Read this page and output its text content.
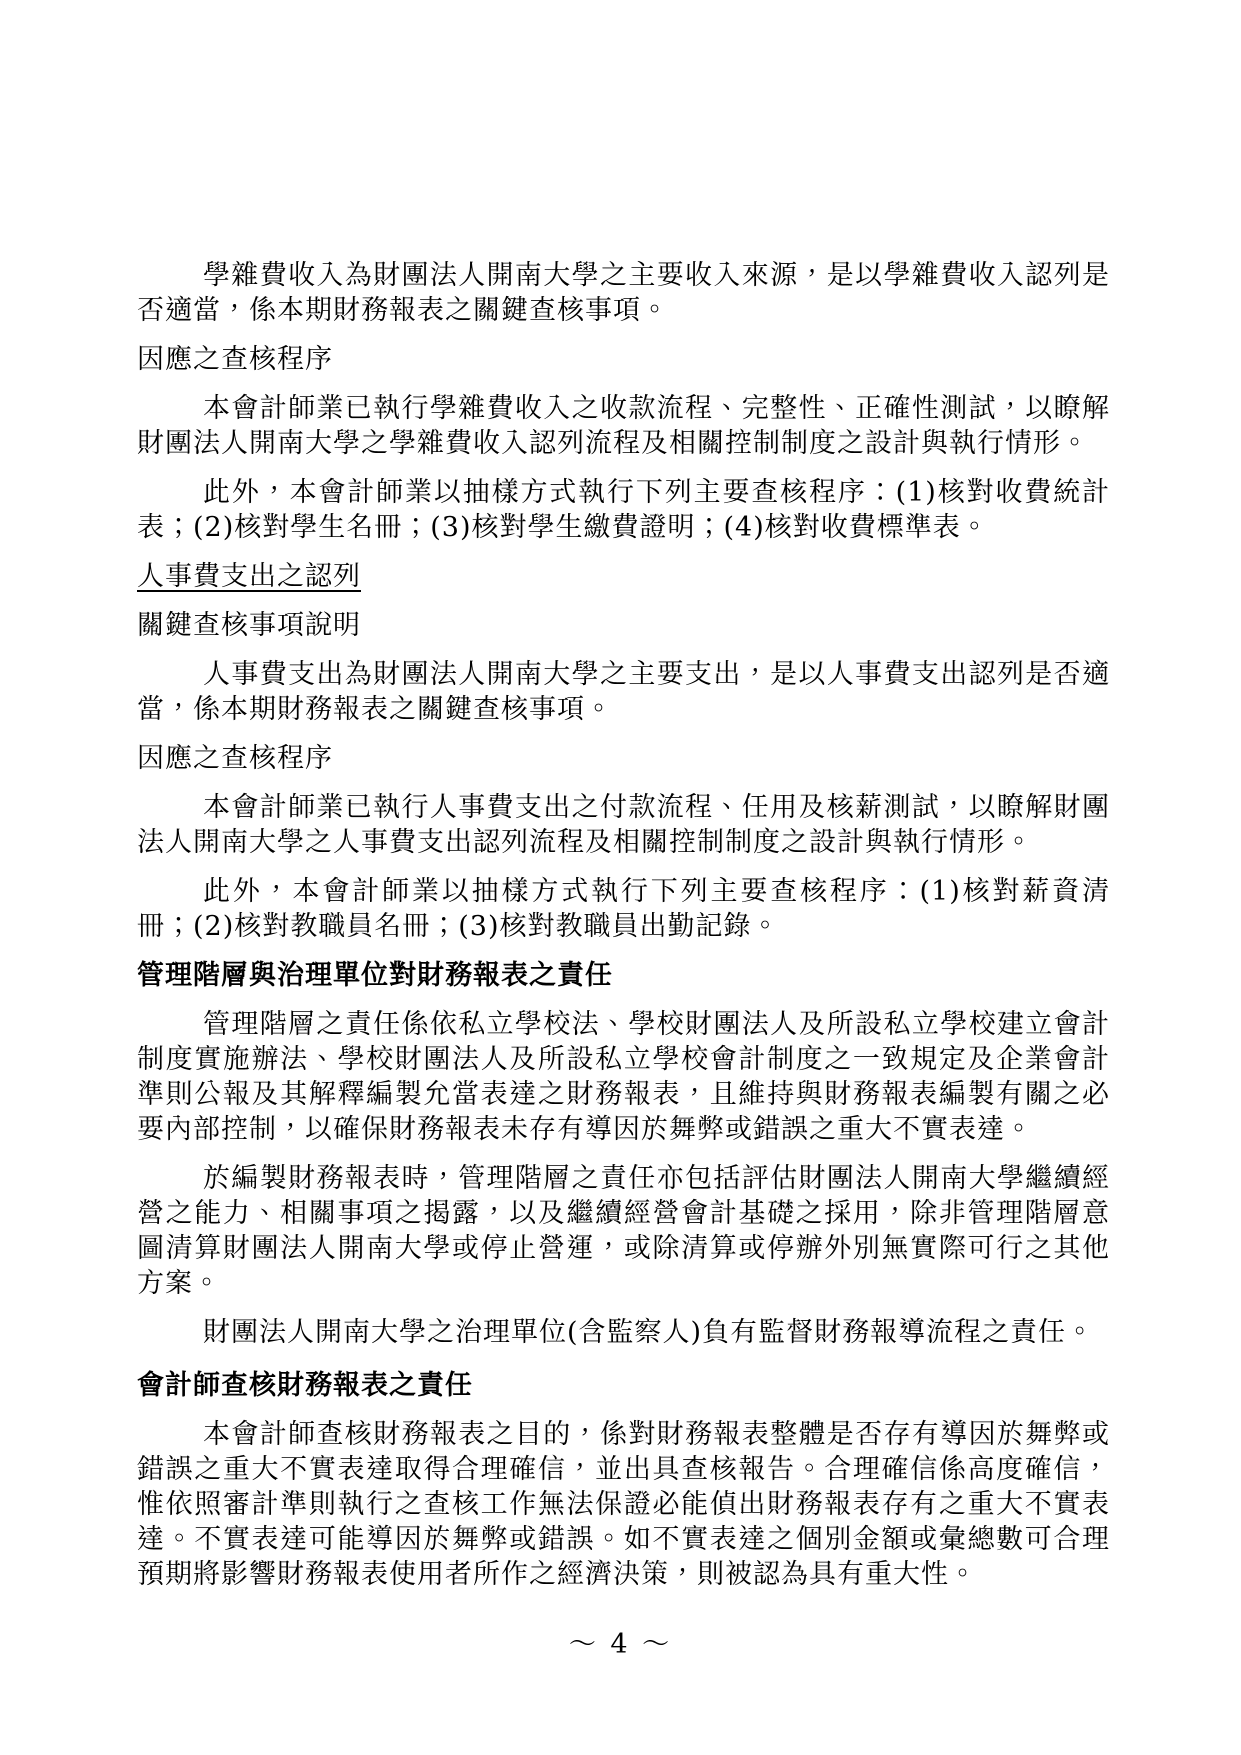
學雜費收入為財團法人開南大學之主要收入來源，是以學雜費收入認列是否適當，係本期財務報表之關鍵查核事項。

因應之查核程序

本會計師業已執行學雜費收入之收款流程、完整性、正確性測試，以瞭解財團法人開南大學之學雜費收入認列流程及相關控制制度之設計與執行情形。

此外，本會計師業以抽樣方式執行下列主要查核程序：(1)核對收費統計表；(2)核對學生名冊；(3)核對學生繳費證明；(4)核對收費標準表。

人事費支出之認列

關鍵查核事項說明

人事費支出為財團法人開南大學之主要支出，是以人事費支出認列是否適當，係本期財務報表之關鍵查核事項。

因應之查核程序

本會計師業已執行人事費支出之付款流程、任用及核薪測試，以瞭解財團法人開南大學之人事費支出認列流程及相關控制制度之設計與執行情形。

此外，本會計師業以抽樣方式執行下列主要查核程序：(1)核對薪資清冊；(2)核對教職員名冊；(3)核對教職員出勤記錄。

管理階層與治理單位對財務報表之責任

管理階層之責任係依私立學校法、學校財團法人及所設私立學校建立會計制度實施辦法、學校財團法人及所設私立學校會計制度之一致規定及企業會計準則公報及其解釋編製允當表達之財務報表，且維持與財務報表編製有關之必要內部控制，以確保財務報表未存有導因於舞弊或錯誤之重大不實表達。

於編製財務報表時，管理階層之責任亦包括評估財團法人開南大學繼續經營之能力、相關事項之揭露，以及繼續經營會計基礎之採用，除非管理階層意圖清算財團法人開南大學或停止營運，或除清算或停辦外別無實際可行之其他方案。

財團法人開南大學之治理單位(含監察人)負有監督財務報導流程之責任。

會計師查核財務報表之責任

本會計師查核財務報表之目的，係對財務報表整體是否存有導因於舞弊或錯誤之重大不實表達取得合理確信，並出具查核報告。合理確信係高度確信，惟依照審計準則執行之查核工作無法保證必能偵出財務報表存有之重大不實表達。不實表達可能導因於舞弊或錯誤。如不實表達之個別金額或彙總數可合理預期將影響財務報表使用者所作之經濟決策，則被認為具有重大性。

～ 4 ～
